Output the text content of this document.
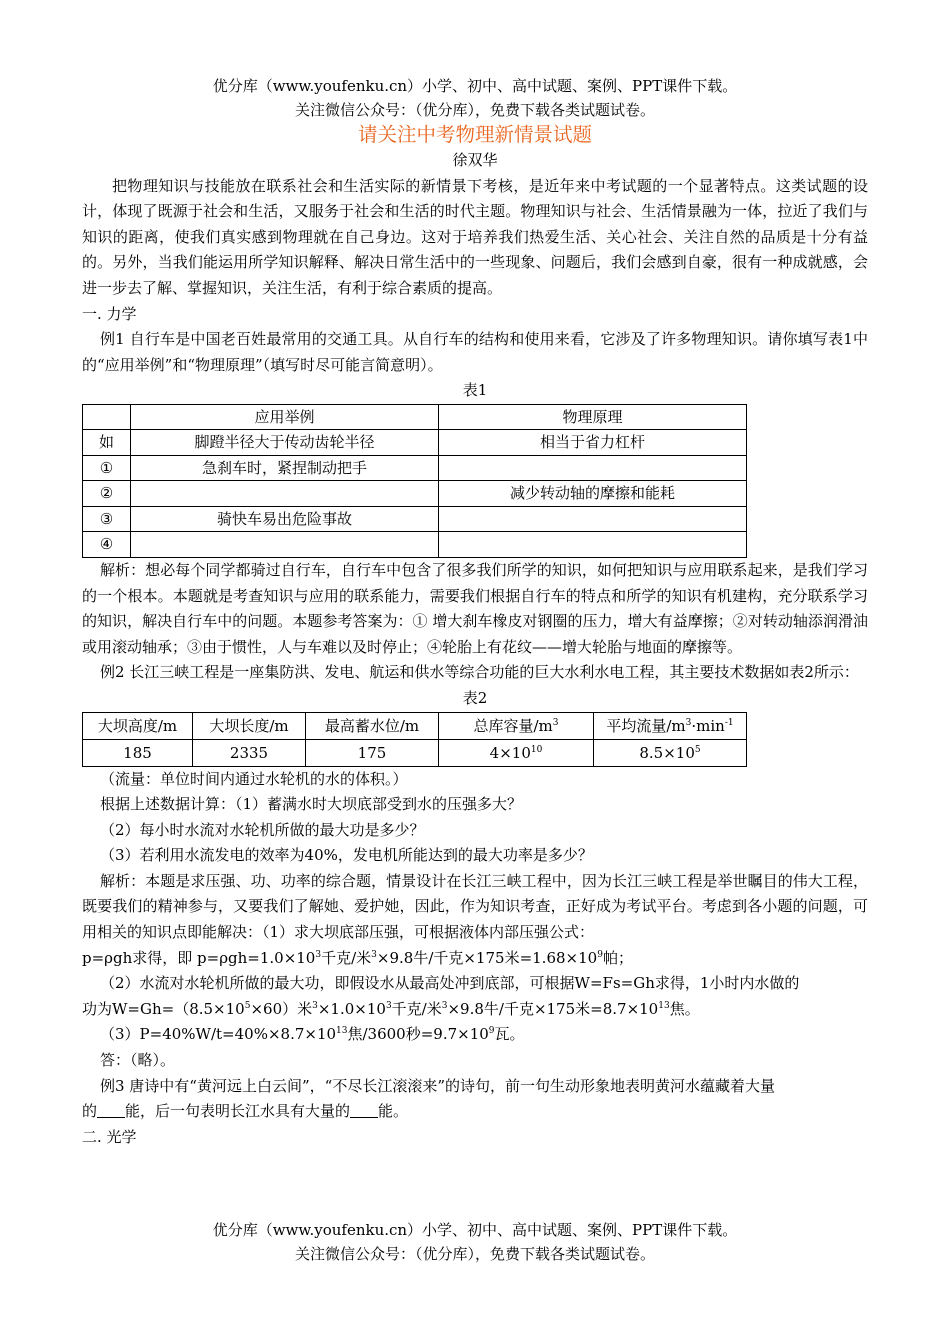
优分库（www.youfenku.cn）小学、初中、高中试题、案例、PPT课件下载。
关注微信公众号：（优分库），免费下载各类试题试卷。
请关注中考物理新情景试题
徐双华

把物理知识与技能放在联系社会和生活实际的新情景下考核，是近年来中考试题的一个显著特点。这类试题的设计，体现了既源于社会和生活，又服务于社会和生活的时代主题。物理知识与社会、生活情景融为一体，拉近了我们与知识的距离，使我们真实感到物理就在自己身边。这对于培养我们热爱生活、关心社会、关注自然的品质是十分有益的。另外，当我们能运用所学知识解释、解决日常生活中的一些现象、问题后，我们会感到自豪，很有一种成就感，会进一步去了解、掌握知识，关注生活，有利于综合素质的提高。

一. 力学

例1 自行车是中国老百姓最常用的交通工具。从自行车的结构和使用来看，它涉及了许多物理知识。请你填写表1中的“应用举例”和“物理原理”（填写时尽可能言简意明）。

表1
	应用举例	物理原理
如	脚蹬半径大于传动齿轮半径	相当于省力杠杆
①	急刹车时，紧捏制动把手	
②		减少转动轴的摩擦和能耗
③	骑快车易出危险事故	
④		

解析：想必每个同学都骑过自行车，自行车中包含了很多我们所学的知识，如何把知识与应用联系起来，是我们学习的一个根本。本题就是考查知识与应用的联系能力，需要我们根据自行车的特点和所学的知识有机建构，充分联系学习的知识，解决自行车中的问题。本题参考答案为：① 增大刹车橡皮对钢圈的压力，增大有益摩擦；②对转动轴添润滑油或用滚动轴承；③由于惯性，人与车难以及时停止；④轮胎上有花纹——增大轮胎与地面的摩擦等。

例2 长江三峡工程是一座集防洪、发电、航运和供水等综合功能的巨大水利水电工程，其主要技术数据如表2所示：

表2
大坝高度/m	大坝长度/m	最高蓄水位/m	总库容量$/m^3$	平均流量$/m^3\cdot\min^{-1}$
185	2335	175	$4\times 10^{10}$	$8.5\times 10^5$

（流量：单位时间内通过水轮机的水的体积。）

根据上述数据计算：（1）蓄满水时大坝底部受到水的压强多大？

（2）每小时水流对水轮机所做的最大功是多少？

（3）若利用水流发电的效率为40%，发电机所能达到的最大功率是多少？

解析：本题是求压强、功、功率的综合题，情景设计在长江三峡工程中，因为长江三峡工程是举世瞩目的伟大工程，既要我们的精神参与，又要我们了解她、爱护她，因此，作为知识考查，正好成为考试平台。考虑到各小题的问题，可用相关的知识点即能解决：（1）求大坝底部压强，可根据液体内部压强公式：

p=ρgh求得，即 $p=\rho gh=1.0\times 10^3$千克/米$^3$×9.8牛/千克×175米$=1.68\times 10^9$帕；

（2）水流对水轮机所做的最大功，即假设水从最高处冲到底部，可根据W=Fs=Gh求得，1小时内水做的

功为$W=Gh=(8.5\times 10^5\times 60)$米$^3\times 1.0\times 10^3$千克/米$^3$×9.8牛/千克×175米$=8.7\times 10^{13}$焦。

$(3)P=40\%W/t=40\%\times 8.7\times 10^{13}$焦/3600秒$=9.7\times 10^9$瓦。

答：（略）。

例3 唐诗中有“黄河远上白云间”，“不尽长江滚滚来”的诗句，前一句生动形象地表明黄河水蕴藏着大量

的 能，后一句表明长江水具有大量的 能。

二. 光学
优分库（www.youfenku.cn）小学、初中、高中试题、案例、PPT课件下载。
关注微信公众号：（优分库），免费下载各类试题试卷。
